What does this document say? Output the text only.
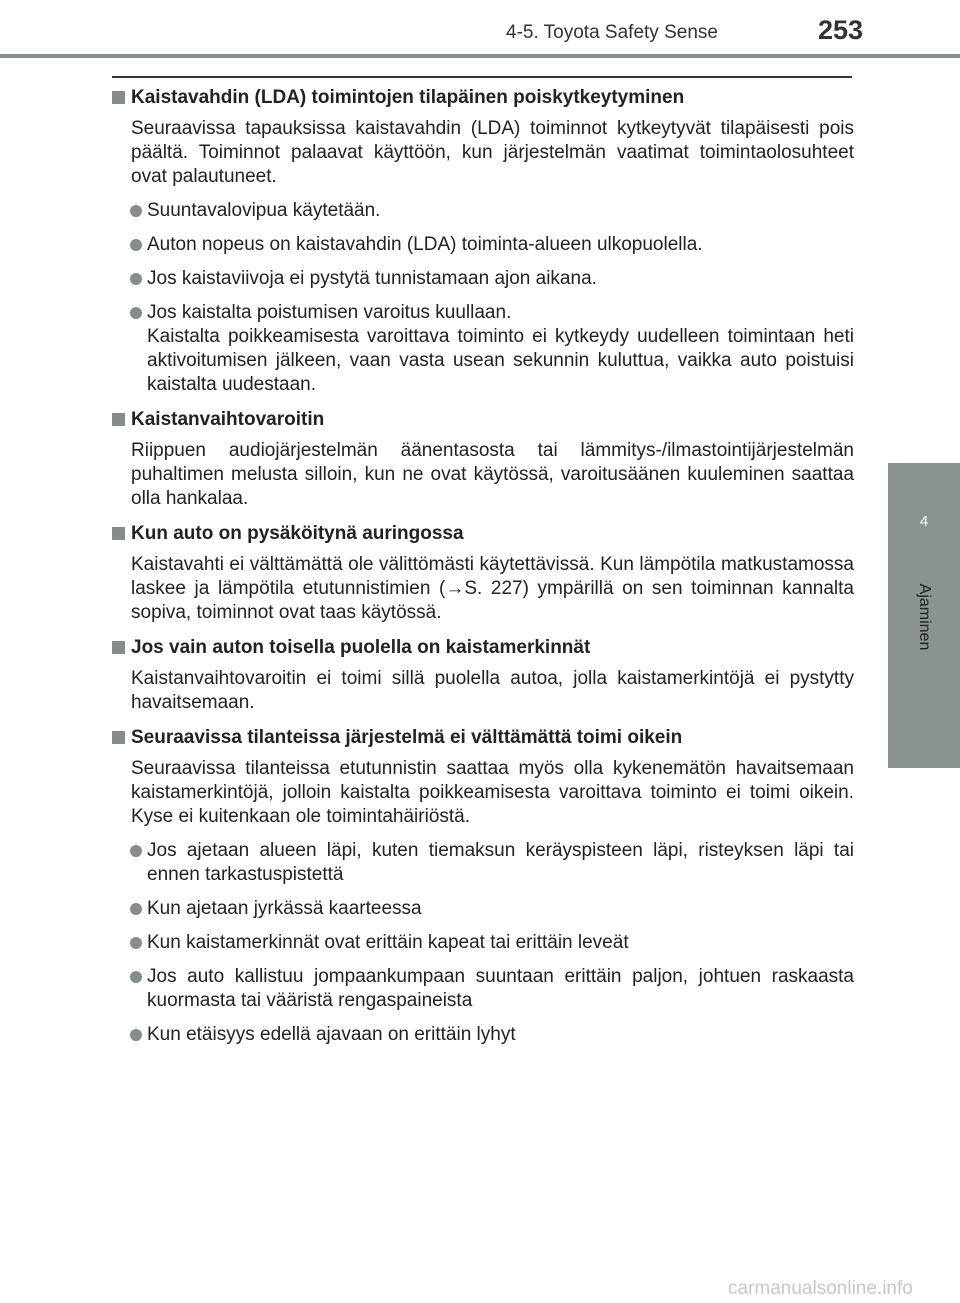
4-5. Toyota Safety Sense	253
4
Ajaminen
Kaistavahdin (LDA) toimintojen tilapäinen poiskytkeytyminen
Seuraavissa tapauksissa kaistavahdin (LDA) toiminnot kytkeytyvät tilapäisesti pois päältä. Toiminnot palaavat käyttöön, kun järjestelmän vaatimat toimintaolosuhteet ovat palautuneet.
Suuntavalovipua käytetään.
Auton nopeus on kaistavahdin (LDA) toiminta-alueen ulkopuolella.
Jos kaistaviivoja ei pystytä tunnistamaan ajon aikana.
Jos kaistalta poistumisen varoitus kuullaan.
Kaistalta poikkeamisesta varoittava toiminto ei kytkeydy uudelleen toimintaan heti aktivoitumisen jälkeen, vaan vasta usean sekunnin kuluttua, vaikka auto poistuisi kaistalta uudestaan.
Kaistanvaihtovaroitin
Riippuen audiojärjestelmän äänentasosta tai lämmitys-/ilmastointijärjestelmän puhaltimen melusta silloin, kun ne ovat käytössä, varoitusäänen kuuleminen saattaa olla hankalaa.
Kun auto on pysäköitynä auringossa
Kaistavahti ei välttämättä ole välittömästi käytettävissä. Kun lämpötila matkustamossa laskee ja lämpötila etutunnistimien (→S. 227) ympärillä on sen toiminnan kannalta sopiva, toiminnot ovat taas käytössä.
Jos vain auton toisella puolella on kaistamerkinnät
Kaistanvaihtovaroitin ei toimi sillä puolella autoa, jolla kaistamerkintöjä ei pystytty havaitsemaan.
Seuraavissa tilanteissa järjestelmä ei välttämättä toimi oikein
Seuraavissa tilanteissa etutunnistin saattaa myös olla kykenemätön havaitsemaan kaistamerkintöjä, jolloin kaistalta poikkeamisesta varoittava toiminto ei toimi oikein. Kyse ei kuitenkaan ole toimintahäiriöstä.
Jos ajetaan alueen läpi, kuten tiemaksun keräyspisteen läpi, risteyksen läpi tai ennen tarkastuspistettä
Kun ajetaan jyrkässä kaarteessa
Kun kaistamerkinnät ovat erittäin kapeat tai erittäin leveät
Jos auto kallistuu jompaankumpaan suuntaan erittäin paljon, johtuen raskaasta kuormasta tai vääristä rengaspaineista
Kun etäisyys edellä ajavaan on erittäin lyhyt
carmanualsonline.info
